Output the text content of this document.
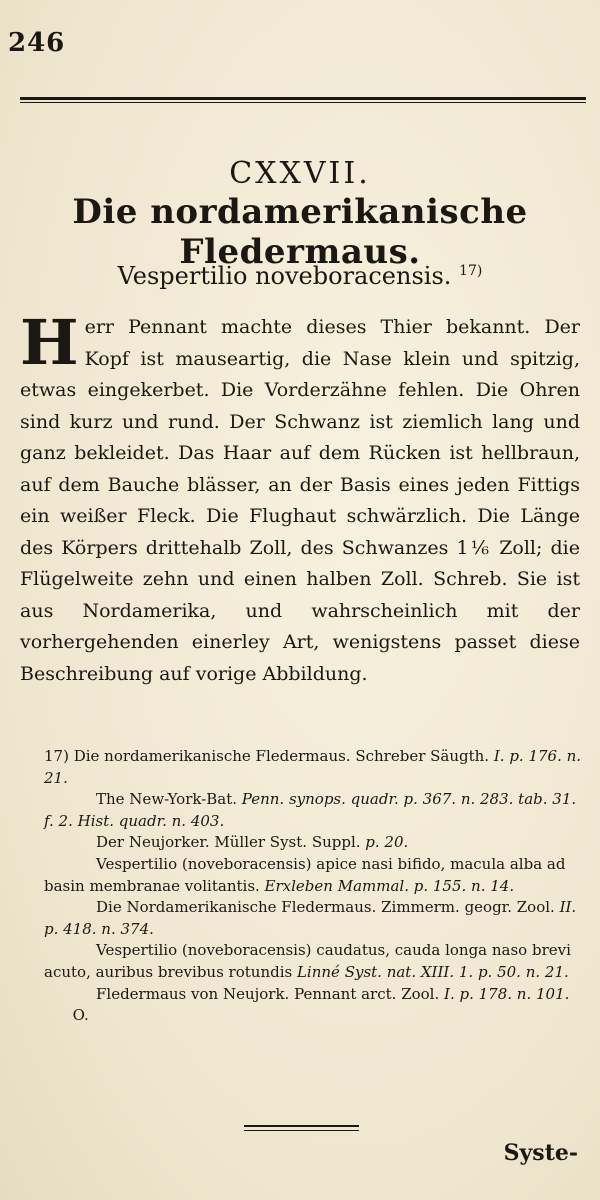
246
CXXVII.
Die nordamerikanische Fledermaus.
Vespertilio noveboracensis. $^{17)}$

Herr Pennant machte dieses Thier bekannt. Der Kopf ist mauseartig, die Nase klein und spitzig, etwas eingekerbet. Die Vorderzähne fehlen. Die Ohren sind kurz und rund. Der Schwanz ist ziemlich lang und ganz bekleidet. Das Haar auf dem Rücken ist hellbraun, auf dem Bauche blässer, an der Basis eines jeden Fittigs ein weißer Fleck. Die Flughaut schwärzlich. Die Länge des Körpers drittehalb Zoll, des Schwanzes 1⅙ Zoll; die Flügelweite zehn und einen halben Zoll. Schreb. Sie ist aus Nordamerika, und wahrscheinlich mit der vorhergehenden einerley Art, wenigstens passet diese Beschreibung auf vorige Abbildung.

17) Die nordamerikanische Fledermaus. Schreber Säugth. I. p. 176. n. 21.

The New-York-Bat. Penn. synops. quadr. p. 367. n. 283. tab. 31. f. 2. Hist. quadr. n. 403.

Der Neujorker. Müller Syst. Suppl. p. 20.

Vespertilio (noveboracensis) apice nasi bifido, macula alba ad basin membranae volitantis. Erxleben Mammal. p. 155. n. 14.

Die Nordamerikanische Fledermaus. Zimmerm. geogr. Zool. II. p. 418. n. 374.

Vespertilio (noveboracensis) caudatus, cauda longa naso brevi acuto, auribus brevibus rotundis Linné Syst. nat. XIII. 1. p. 50. n. 21.

Fledermaus von Neujork. Pennant arct. Zool. I. p. 178. n. 101.      O.

Syste-
